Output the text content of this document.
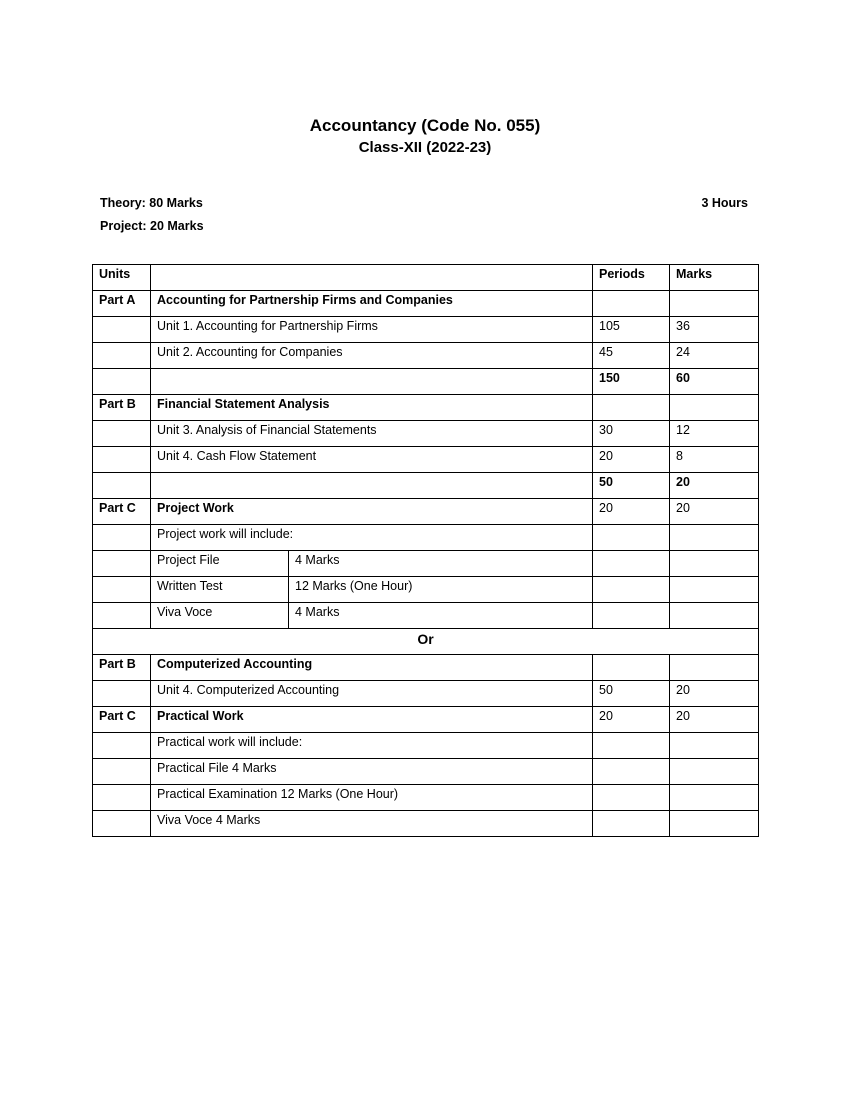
Accountancy (Code No. 055)
Class-XII (2022-23)
Theory: 80 Marks
Project: 20 Marks
3 Hours
Units			Periods	Marks
Part A	Accounting for Partnership Firms and Companies			
	Unit 1. Accounting for Partnership Firms		105	36
	Unit 2. Accounting for Companies		45	24
			150	60
Part B	Financial Statement Analysis			
	Unit 3. Analysis of Financial Statements		30	12
	Unit 4. Cash Flow Statement		20	8
			50	20
Part C	Project Work		20	20
	Project work will include:			
	Project File	4 Marks		
	Written Test	12 Marks (One Hour)		
	Viva Voce	4 Marks		
Or				
Part B	Computerized Accounting			
	Unit 4. Computerized Accounting		50	20
Part C	Practical Work		20	20
	Practical work will include:			
	Practical File 4 Marks			
	Practical Examination 12 Marks (One Hour)			
	Viva Voce 4 Marks			
